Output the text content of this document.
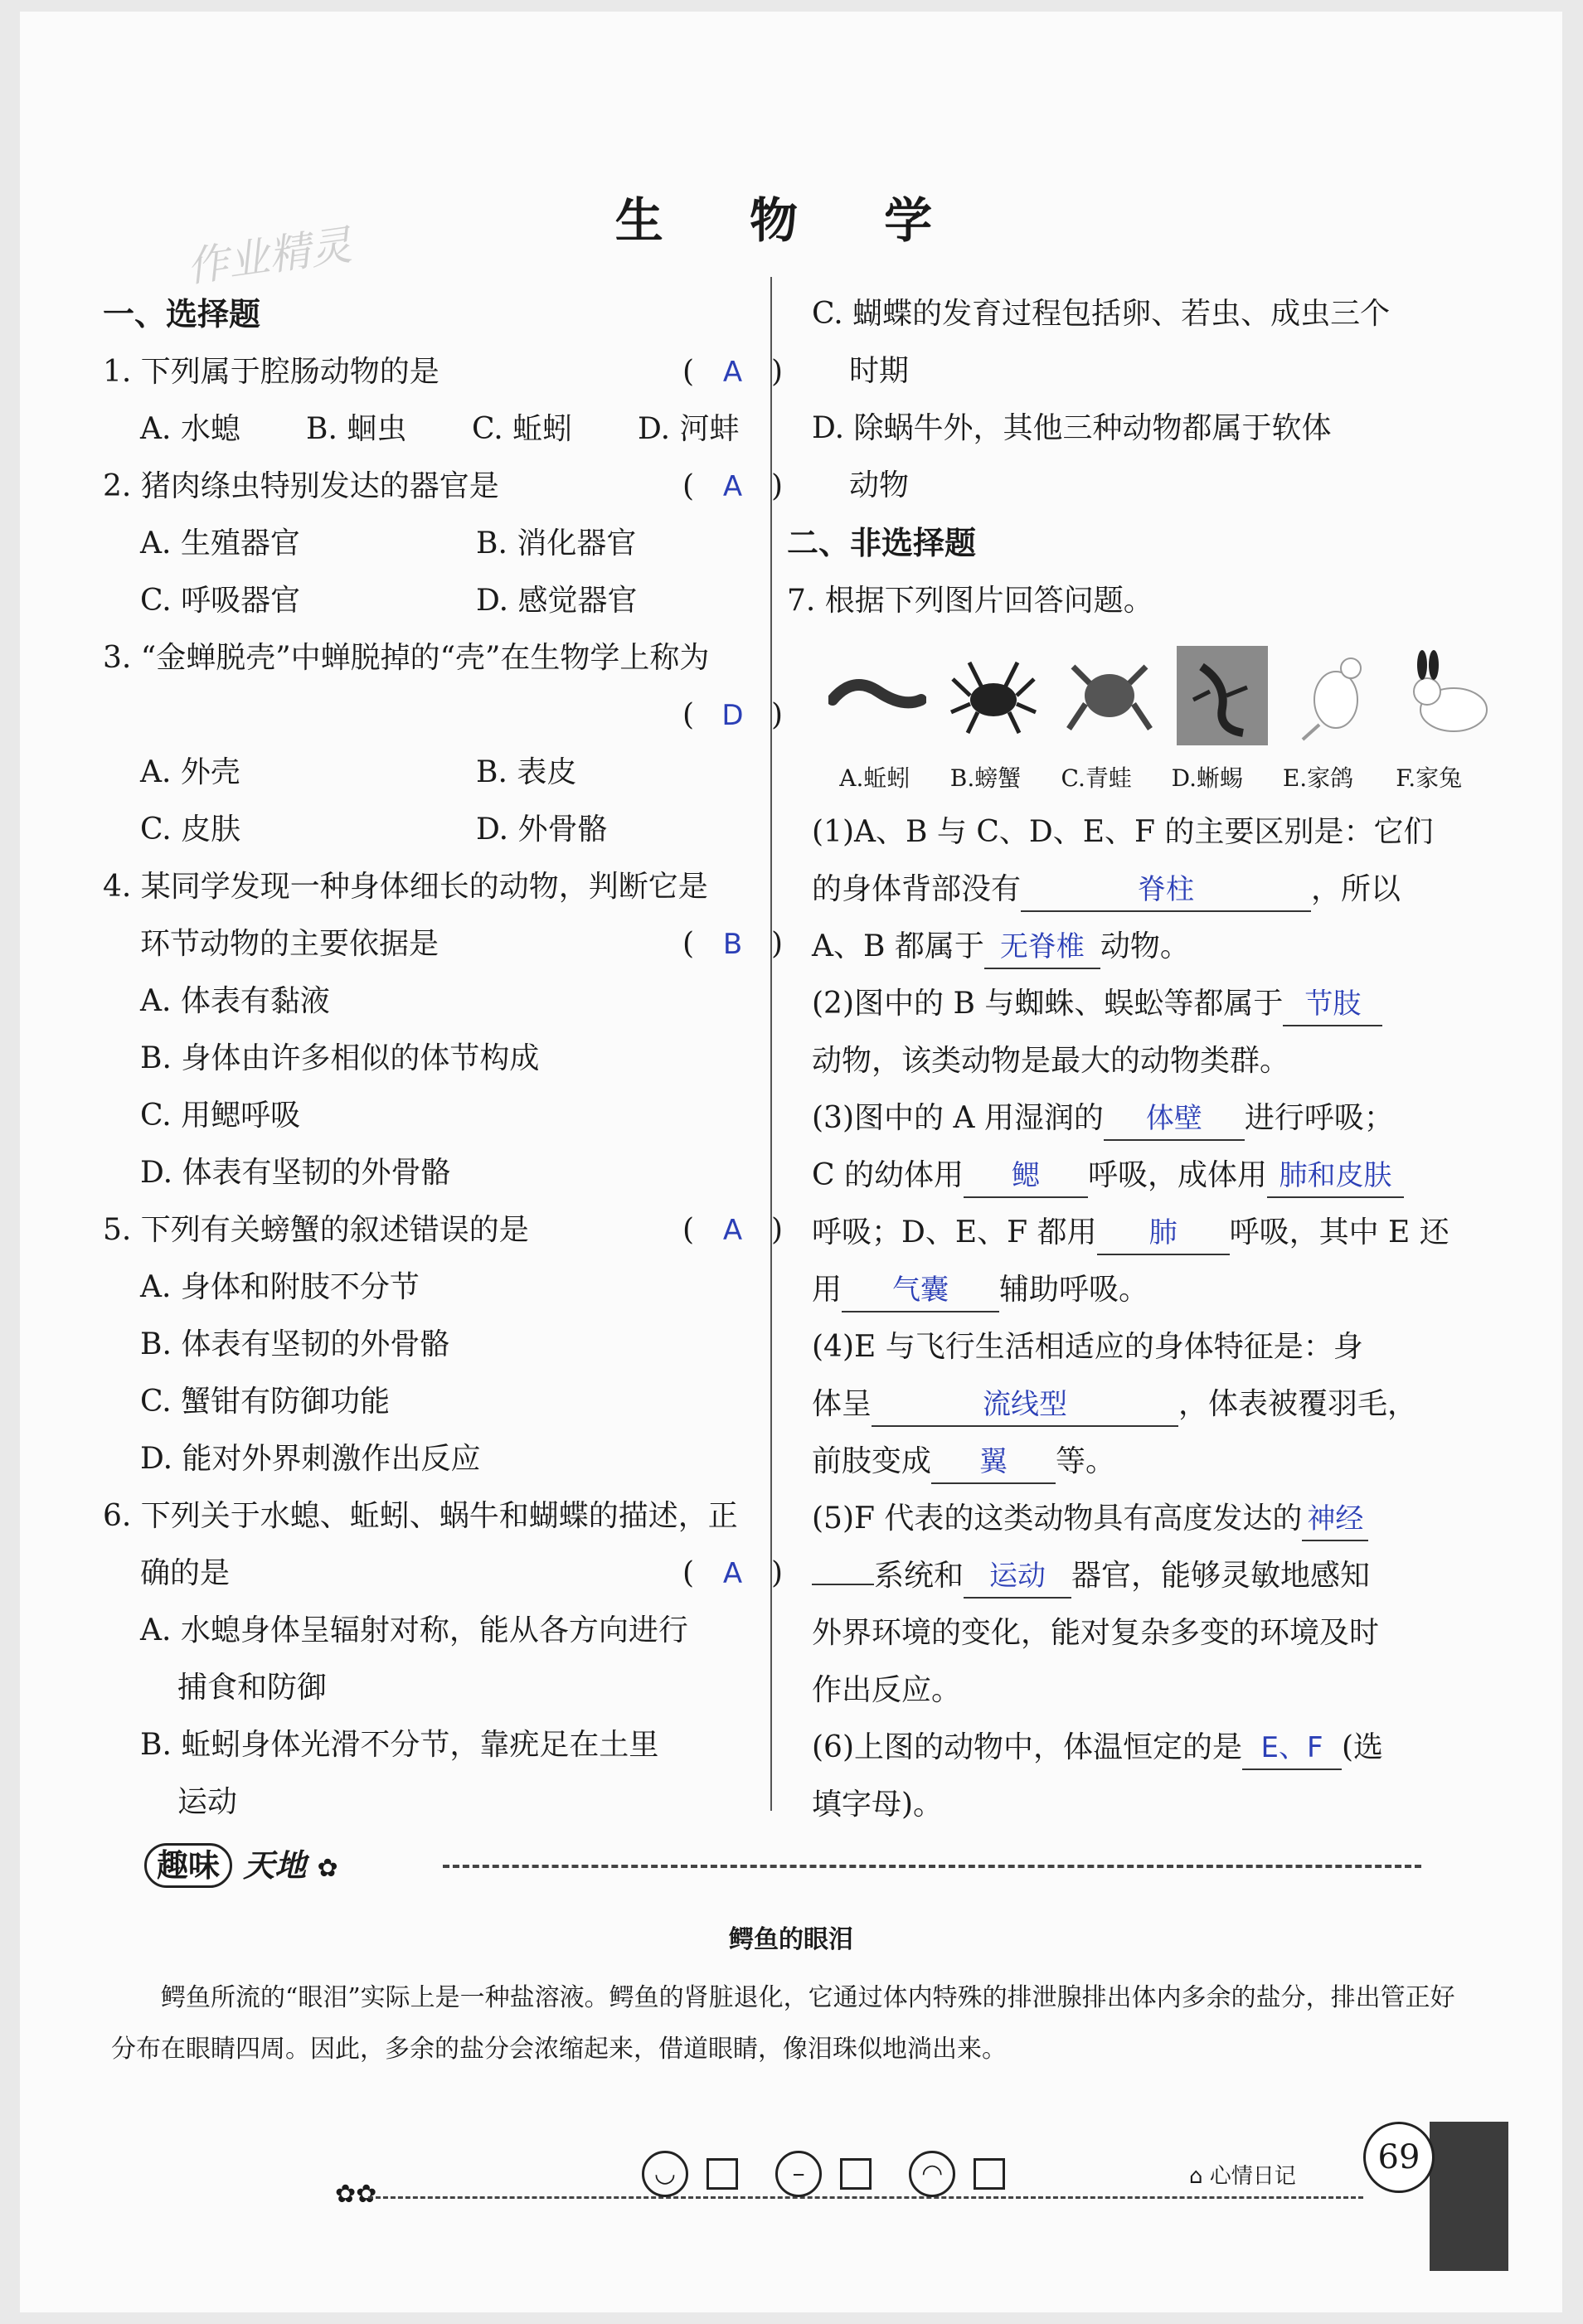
生 物 学
作业精灵
一、选择题
1. 下列属于腔肠动物的是	( A )
A. 水螅 B. 蛔虫 C. 蚯蚓 D. 河蚌
2. 猪肉绦虫特别发达的器官是	( A )
A. 生殖器官	B. 消化器官
C. 呼吸器官	D. 感觉器官
3. “金蝉脱壳”中蝉脱掉的“壳”在生物学上称为
( D )
A. 外壳	B. 表皮
C. 皮肤	D. 外骨骼
4. 某同学发现一种身体细长的动物，判断它是
环节动物的主要依据是	( B )
A. 体表有黏液
B. 身体由许多相似的体节构成
C. 用鳃呼吸
D. 体表有坚韧的外骨骼
5. 下列有关螃蟹的叙述错误的是	( A )
A. 身体和附肢不分节
B. 体表有坚韧的外骨骼
C. 蟹钳有防御功能
D. 能对外界刺激作出反应
6. 下列关于水螅、蚯蚓、蜗牛和蝴蝶的描述，正
确的是	( A )
A. 水螅身体呈辐射对称，能从各方向进行
捕食和防御
B. 蚯蚓身体光滑不分节，靠疣足在土里
运动
C. 蝴蝶的发育过程包括卵、若虫、成虫三个
时期
D. 除蜗牛外，其他三种动物都属于软体
动物
二、非选择题
7. 根据下列图片回答问题。
A.蚯蚓	B.螃蟹	C.青蛙	D.蜥蜴	E.家鸽	F.家兔
(1)A、B 与 C、D、E、F 的主要区别是：它们
的身体背部没有	脊柱	，所以
A、B 都属于 无脊椎 动物。
(2)图中的 B 与蜘蛛、蜈蚣等都属于 节肢
动物，该类动物是最大的动物类群。
(3)图中的 A 用湿润的 体壁 进行呼吸；
C 的幼体用 鳃 呼吸，成体用 肺和皮肤
呼吸；D、E、F 都用 肺 呼吸，其中 E 还
用 气囊 辅助呼吸。
(4)E 与飞行生活相适应的身体特征是：身
体呈	流线型	，体表被覆羽毛，
前肢变成 翼 等。
(5)F 代表的这类动物具有高度发达的 神经
系统和 运动 器官，能够灵敏地感知
外界环境的变化，能对复杂多变的环境及时
作出反应。
(6)上图的动物中，体温恒定的是 E、F (选
填字母)。
趣味 天地 ✿
鳄鱼的眼泪
鳄鱼所流的“眼泪”实际上是一种盐溶液。鳄鱼的肾脏退化，它通过体内特殊的排泄腺排出体内多余的盐分，排出管正好分布在眼睛四周。因此，多余的盐分会浓缩起来，借道眼睛，像泪珠似地淌出来。
✿✿
◡	–	◠	⌂ 心情日记	69
